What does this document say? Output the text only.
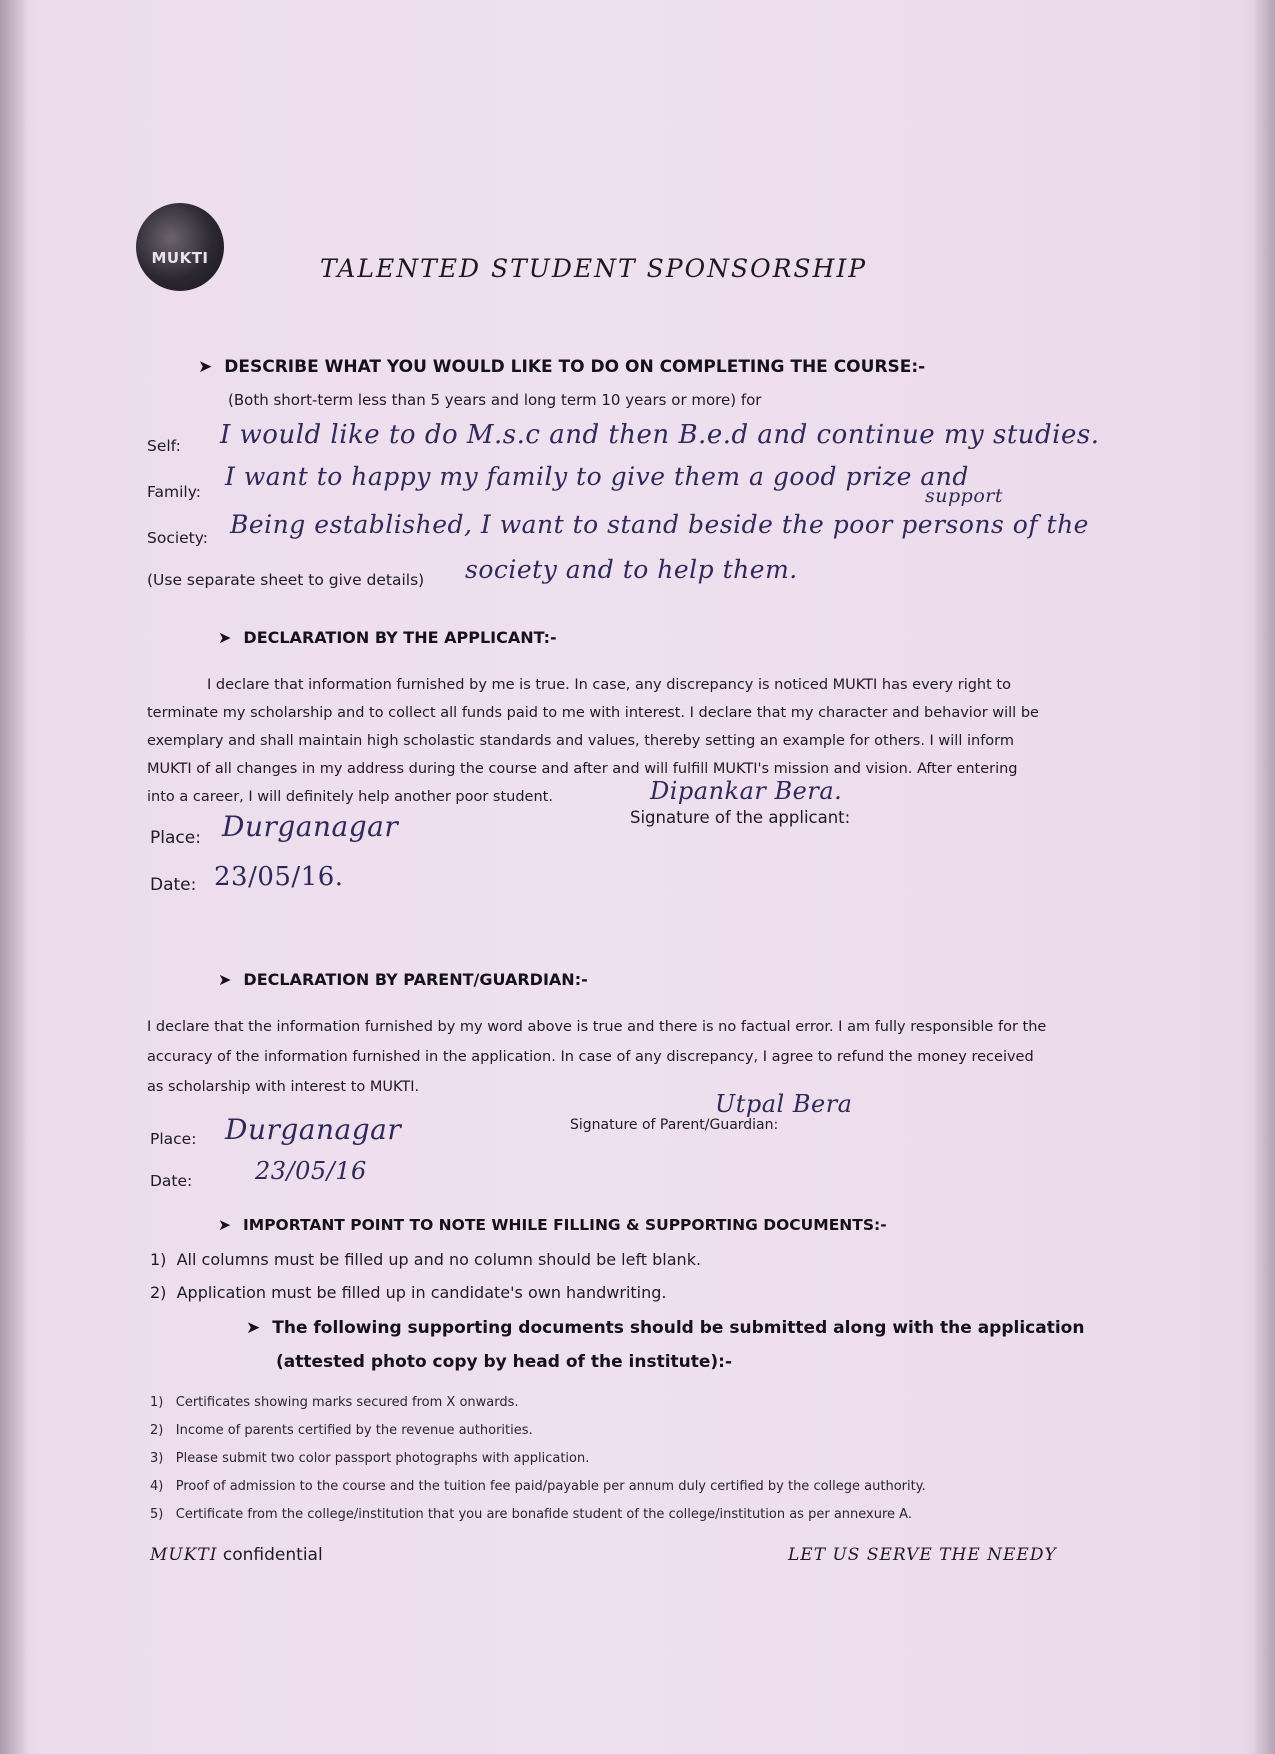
MUKTI	TALENTED STUDENT SPONSORSHIP
➤ DESCRIBE WHAT YOU WOULD LIKE TO DO ON COMPLETING THE COURSE:-
(Both short-term less than 5 years and long term 10 years or more) for
Self: I would like to do M.s.c and then B.e.d and continue my studies.
Family:
I want to happy my family to give them a good prize and
support
Society: Being established, I want to stand beside the poor persons of the
(Use separate sheet to give details) society and to help them.
➤ DECLARATION BY THE APPLICANT:-
I declare that information furnished by me is true. In case, any discrepancy is noticed MUKTI has every right to terminate my scholarship and to collect all funds paid to me with interest. I declare that my character and behavior will be exemplary and shall maintain high scholastic standards and values, thereby setting an example for others. I will inform MUKTI of all changes in my address during the course and after and will fulfill MUKTI's mission and vision. After entering into a career, I will definitely help another poor student.
Place: Durganagar
Date: 23/05/16.
Dipankar Bera.
Signature of the applicant:
➤ DECLARATION BY PARENT/GUARDIAN:-
I declare that the information furnished by my word above is true and there is no factual error. I am fully responsible for the accuracy of the information furnished in the application. In case of any discrepancy, I agree to refund the money received as scholarship with interest to MUKTI.
Place: Durganagar
Date:	23/05/16
Utpal Bera
Signature of Parent/Guardian:
➤ IMPORTANT POINT TO NOTE WHILE FILLING & SUPPORTING DOCUMENTS:-
1) All columns must be filled up and no column should be left blank.
2) Application must be filled up in candidate's own handwriting.
➤ The following supporting documents should be submitted along with the application
(attested photo copy by head of the institute):-
1) Certificates showing marks secured from X onwards.
2) Income of parents certified by the revenue authorities.
3) Please submit two color passport photographs with application.
4) Proof of admission to the course and the tuition fee paid/payable per annum duly certified by the college authority.
5) Certificate from the college/institution that you are bonafide student of the college/institution as per annexure A.
MUKTI confidential	LET US SERVE THE NEEDY
